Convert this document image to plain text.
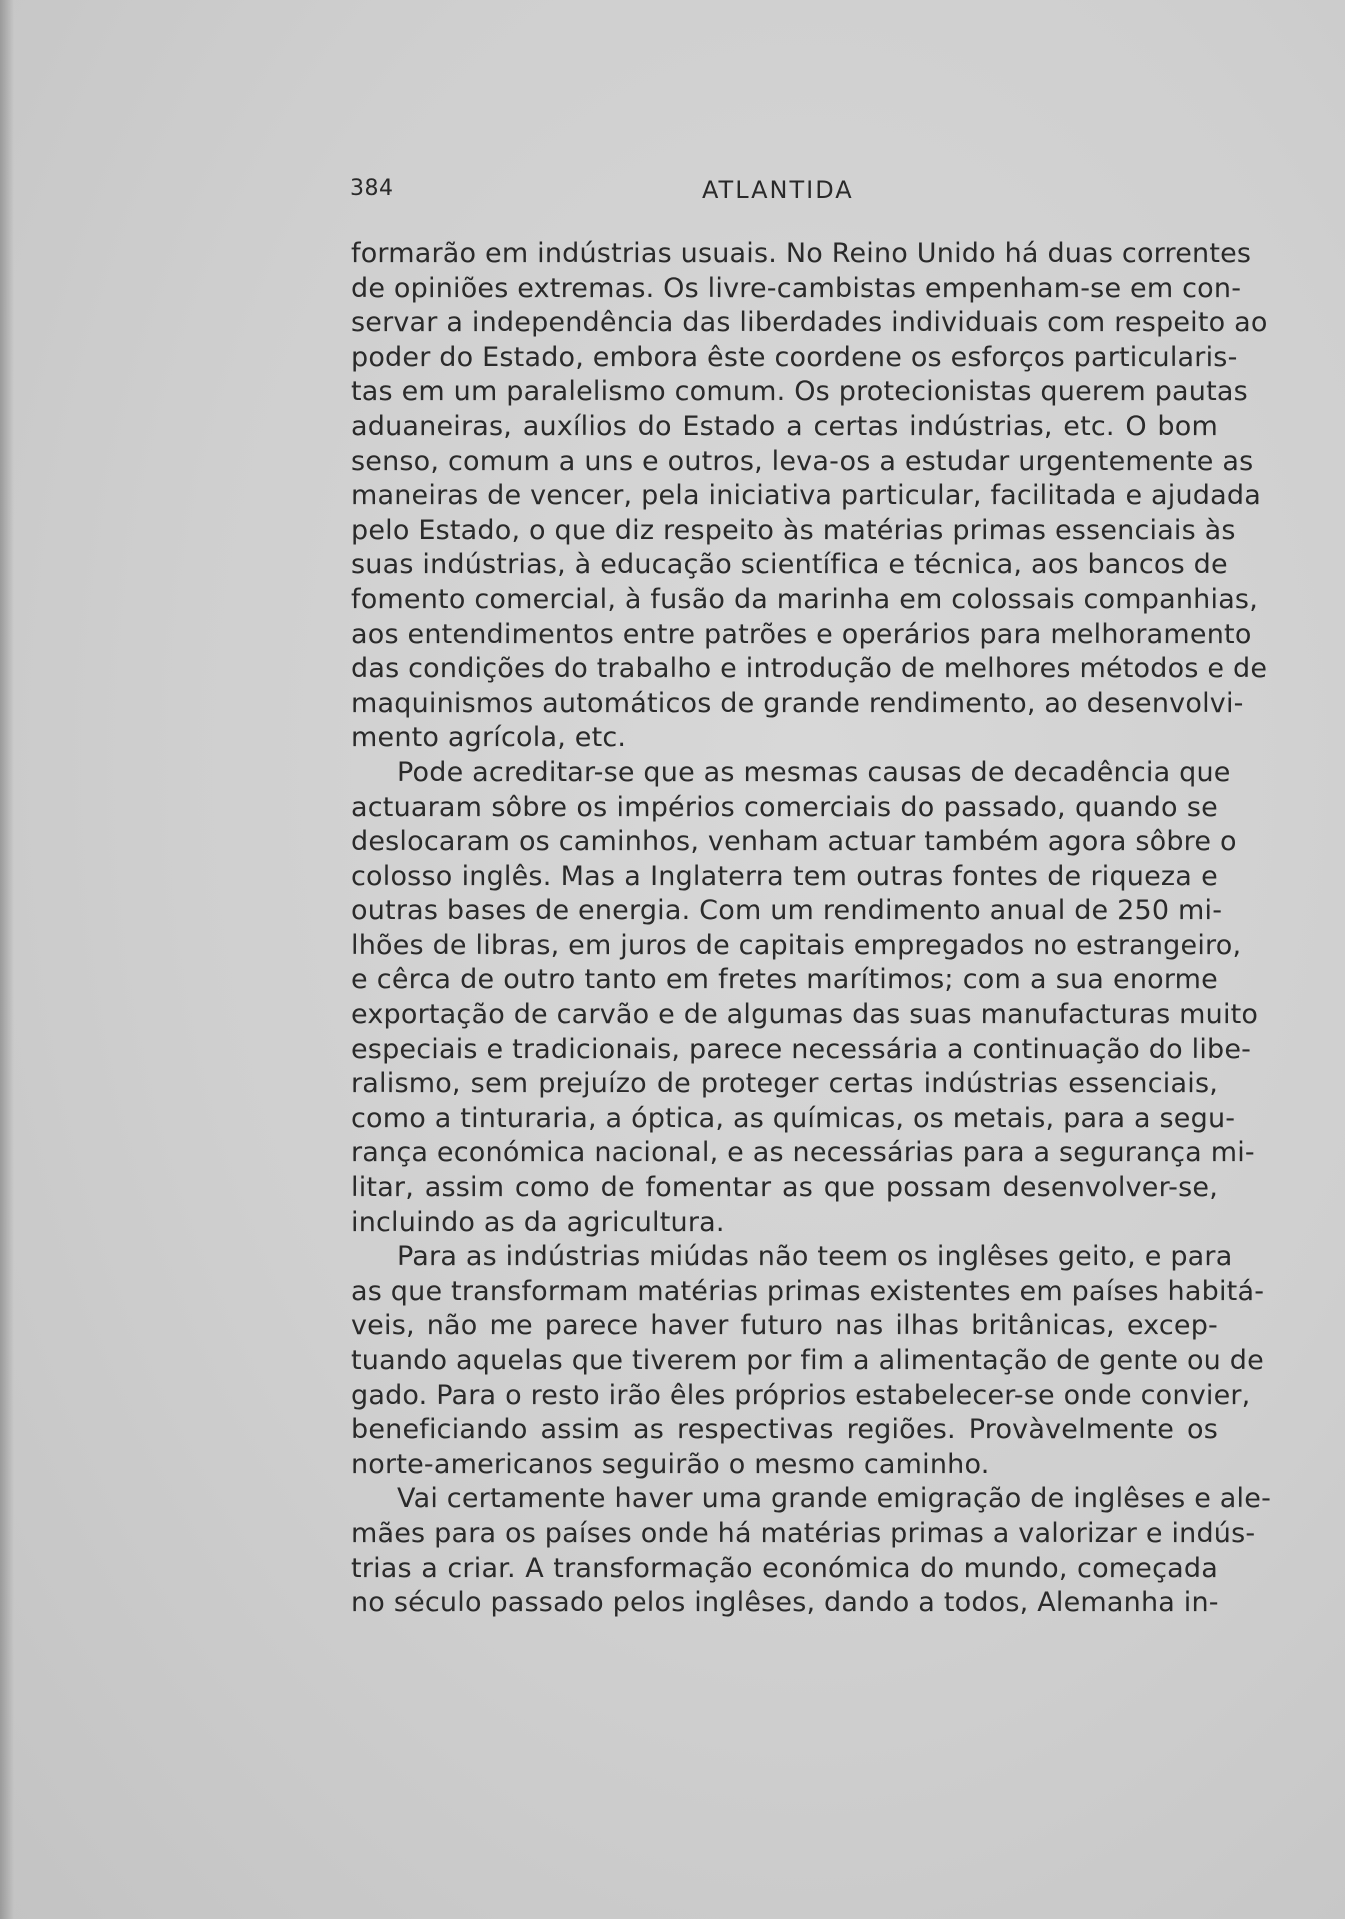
384	ATLANTIDA
formarão em indústrias usuais. No Reino Unido há duas correntes
de opiniões extremas. Os livre-cambistas empenham-se em con-
servar a independência das liberdades individuais com respeito ao
poder do Estado, embora êste coordene os esforços particularis-
tas em um paralelismo comum. Os protecionistas querem pautas
aduaneiras, auxílios do Estado a certas indústrias, etc. O bom
senso, comum a uns e outros, leva-os a estudar urgentemente as
maneiras de vencer, pela iniciativa particular, facilitada e ajudada
pelo Estado, o que diz respeito às matérias primas essenciais às
suas indústrias, à educação scientífica e técnica, aos bancos de
fomento comercial, à fusão da marinha em colossais companhias,
aos entendimentos entre patrões e operários para melhoramento
das condições do trabalho e introdução de melhores métodos e de
maquinismos automáticos de grande rendimento, ao desenvolvi-
mento agrícola, etc.
Pode acreditar-se que as mesmas causas de decadência que
actuaram sôbre os impérios comerciais do passado, quando se
deslocaram os caminhos, venham actuar também agora sôbre o
colosso inglês. Mas a Inglaterra tem outras fontes de riqueza e
outras bases de energia. Com um rendimento anual de 250 mi-
lhões de libras, em juros de capitais empregados no estrangeiro,
e cêrca de outro tanto em fretes marítimos; com a sua enorme
exportação de carvão e de algumas das suas manufacturas muito
especiais e tradicionais, parece necessária a continuação do libe-
ralismo, sem prejuízo de proteger certas indústrias essenciais,
como a tinturaria, a óptica, as químicas, os metais, para a segu-
rança económica nacional, e as necessárias para a segurança mi-
litar, assim como de fomentar as que possam desenvolver-se,
incluindo as da agricultura.
Para as indústrias miúdas não teem os inglêses geito, e para
as que transformam matérias primas existentes em países habitá-
veis, não me parece haver futuro nas ilhas britânicas, excep-
tuando aquelas que tiverem por fim a alimentação de gente ou de
gado. Para o resto irão êles próprios estabelecer-se onde convier,
beneficiando assim as respectivas regiões. Provàvelmente os
norte-americanos seguirão o mesmo caminho.
Vai certamente haver uma grande emigração de inglêses e ale-
mães para os países onde há matérias primas a valorizar e indús-
trias a criar. A transformação económica do mundo, começada
no século passado pelos inglêses, dando a todos, Alemanha in-
